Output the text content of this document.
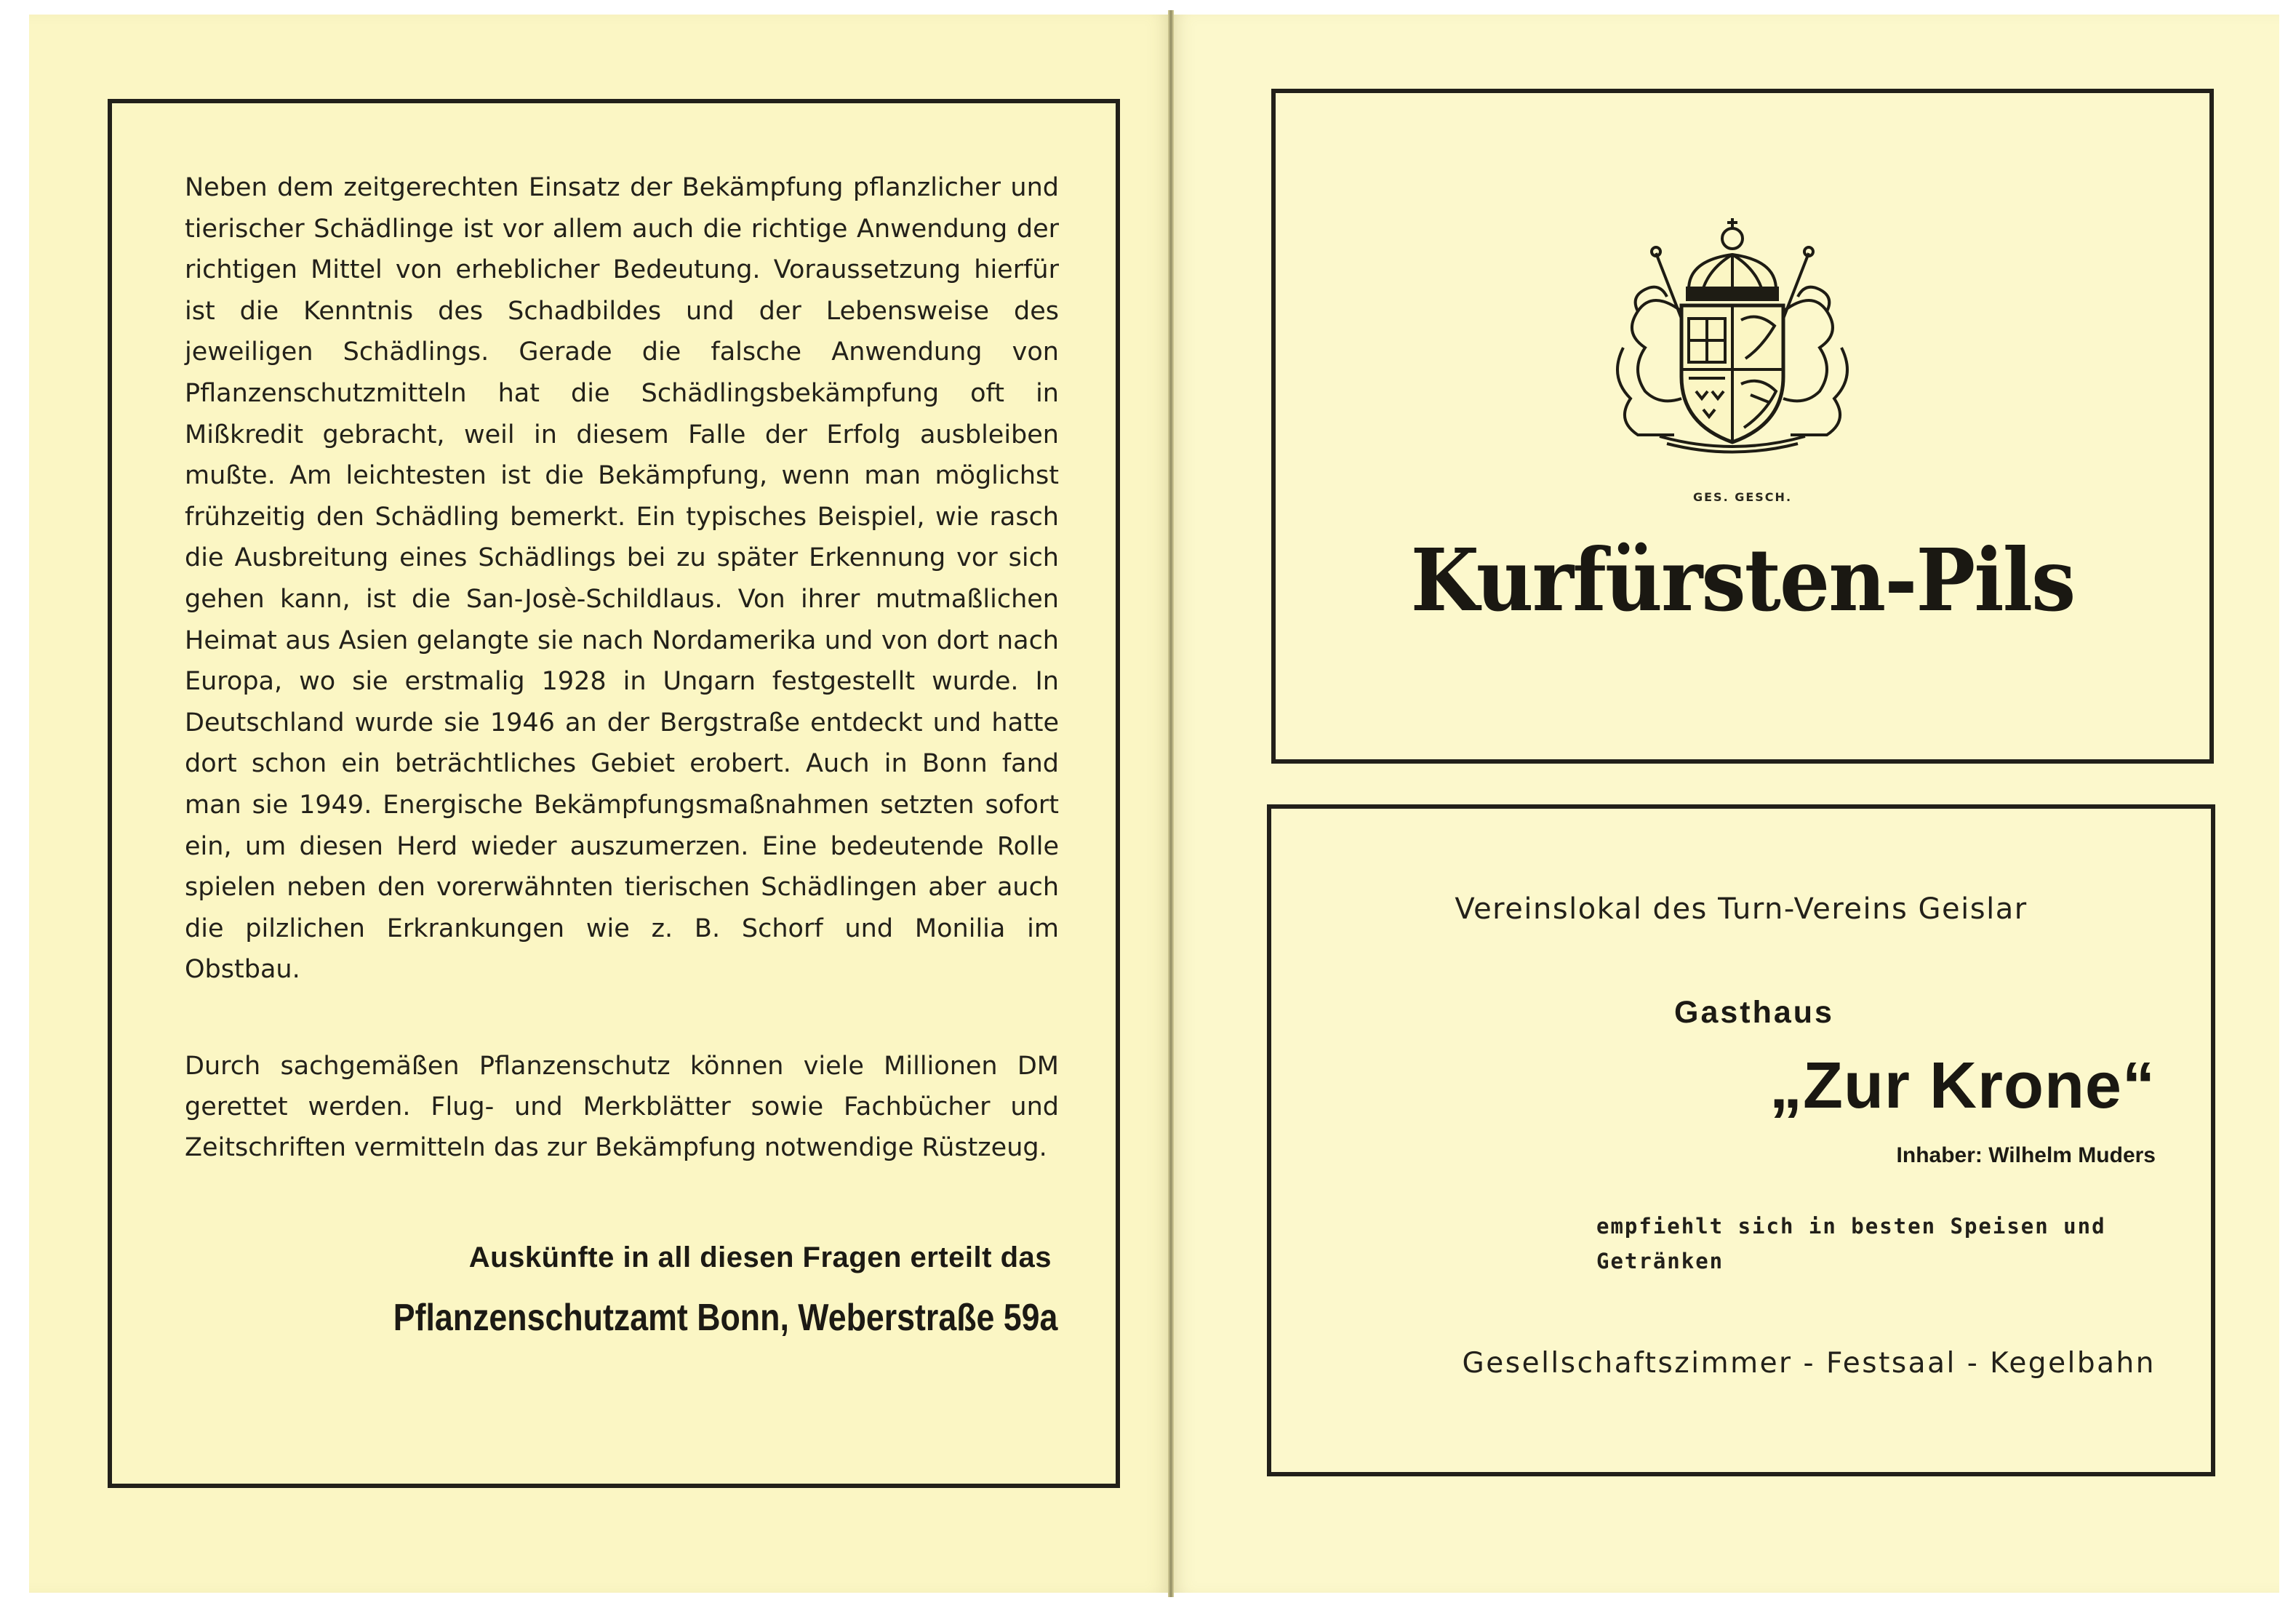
Neben dem zeitgerechten Einsatz der Bekämpfung pflanzlicher und tierischer Schädlinge ist vor allem auch die richtige Anwendung der richtigen Mittel von erheblicher Bedeutung. Voraussetzung hierfür ist die Kenntnis des Schadbildes und der Lebensweise des jeweiligen Schädlings. Gerade die falsche Anwendung von Pflanzenschutzmitteln hat die Schädlingsbekämpfung oft in Mißkredit gebracht, weil in diesem Falle der Erfolg ausbleiben mußte. Am leichtesten ist die Bekämpfung, wenn man möglichst frühzeitig den Schädling bemerkt. Ein typisches Beispiel, wie rasch die Ausbreitung eines Schädlings bei zu später Erkennung vor sich gehen kann, ist die San-Josè-Schildlaus. Von ihrer mutmaßlichen Heimat aus Asien gelangte sie nach Nordamerika und von dort nach Europa, wo sie erstmalig 1928 in Ungarn festgestellt wurde. In Deutschland wurde sie 1946 an der Bergstraße entdeckt und hatte dort schon ein beträchtliches Gebiet erobert. Auch in Bonn fand man sie 1949. Energische Bekämpfungsmaßnahmen setzten sofort ein, um diesen Herd wieder auszumerzen. Eine bedeutende Rolle spielen neben den vorerwähnten tierischen Schädlingen aber auch die pilzlichen Erkrankungen wie z. B. Schorf und Monilia im Obstbau.

Durch sachgemäßen Pflanzenschutz können viele Millionen DM gerettet werden. Flug- und Merkblätter sowie Fachbücher und Zeitschriften vermitteln das zur Bekämpfung notwendige Rüstzeug.

Auskünfte in all diesen Fragen erteilt das
Pflanzenschutzamt Bonn, Weberstraße 59a
GES. GESCH.
Kurfürsten-Pils
Vereinslokal des Turn-Vereins Geislar
Gasthaus
„Zur Krone“
Inhaber: Wilhelm Muders

empfiehlt sich in besten Speisen und Getränken

Gesellschaftszimmer - Festsaal - Kegelbahn
